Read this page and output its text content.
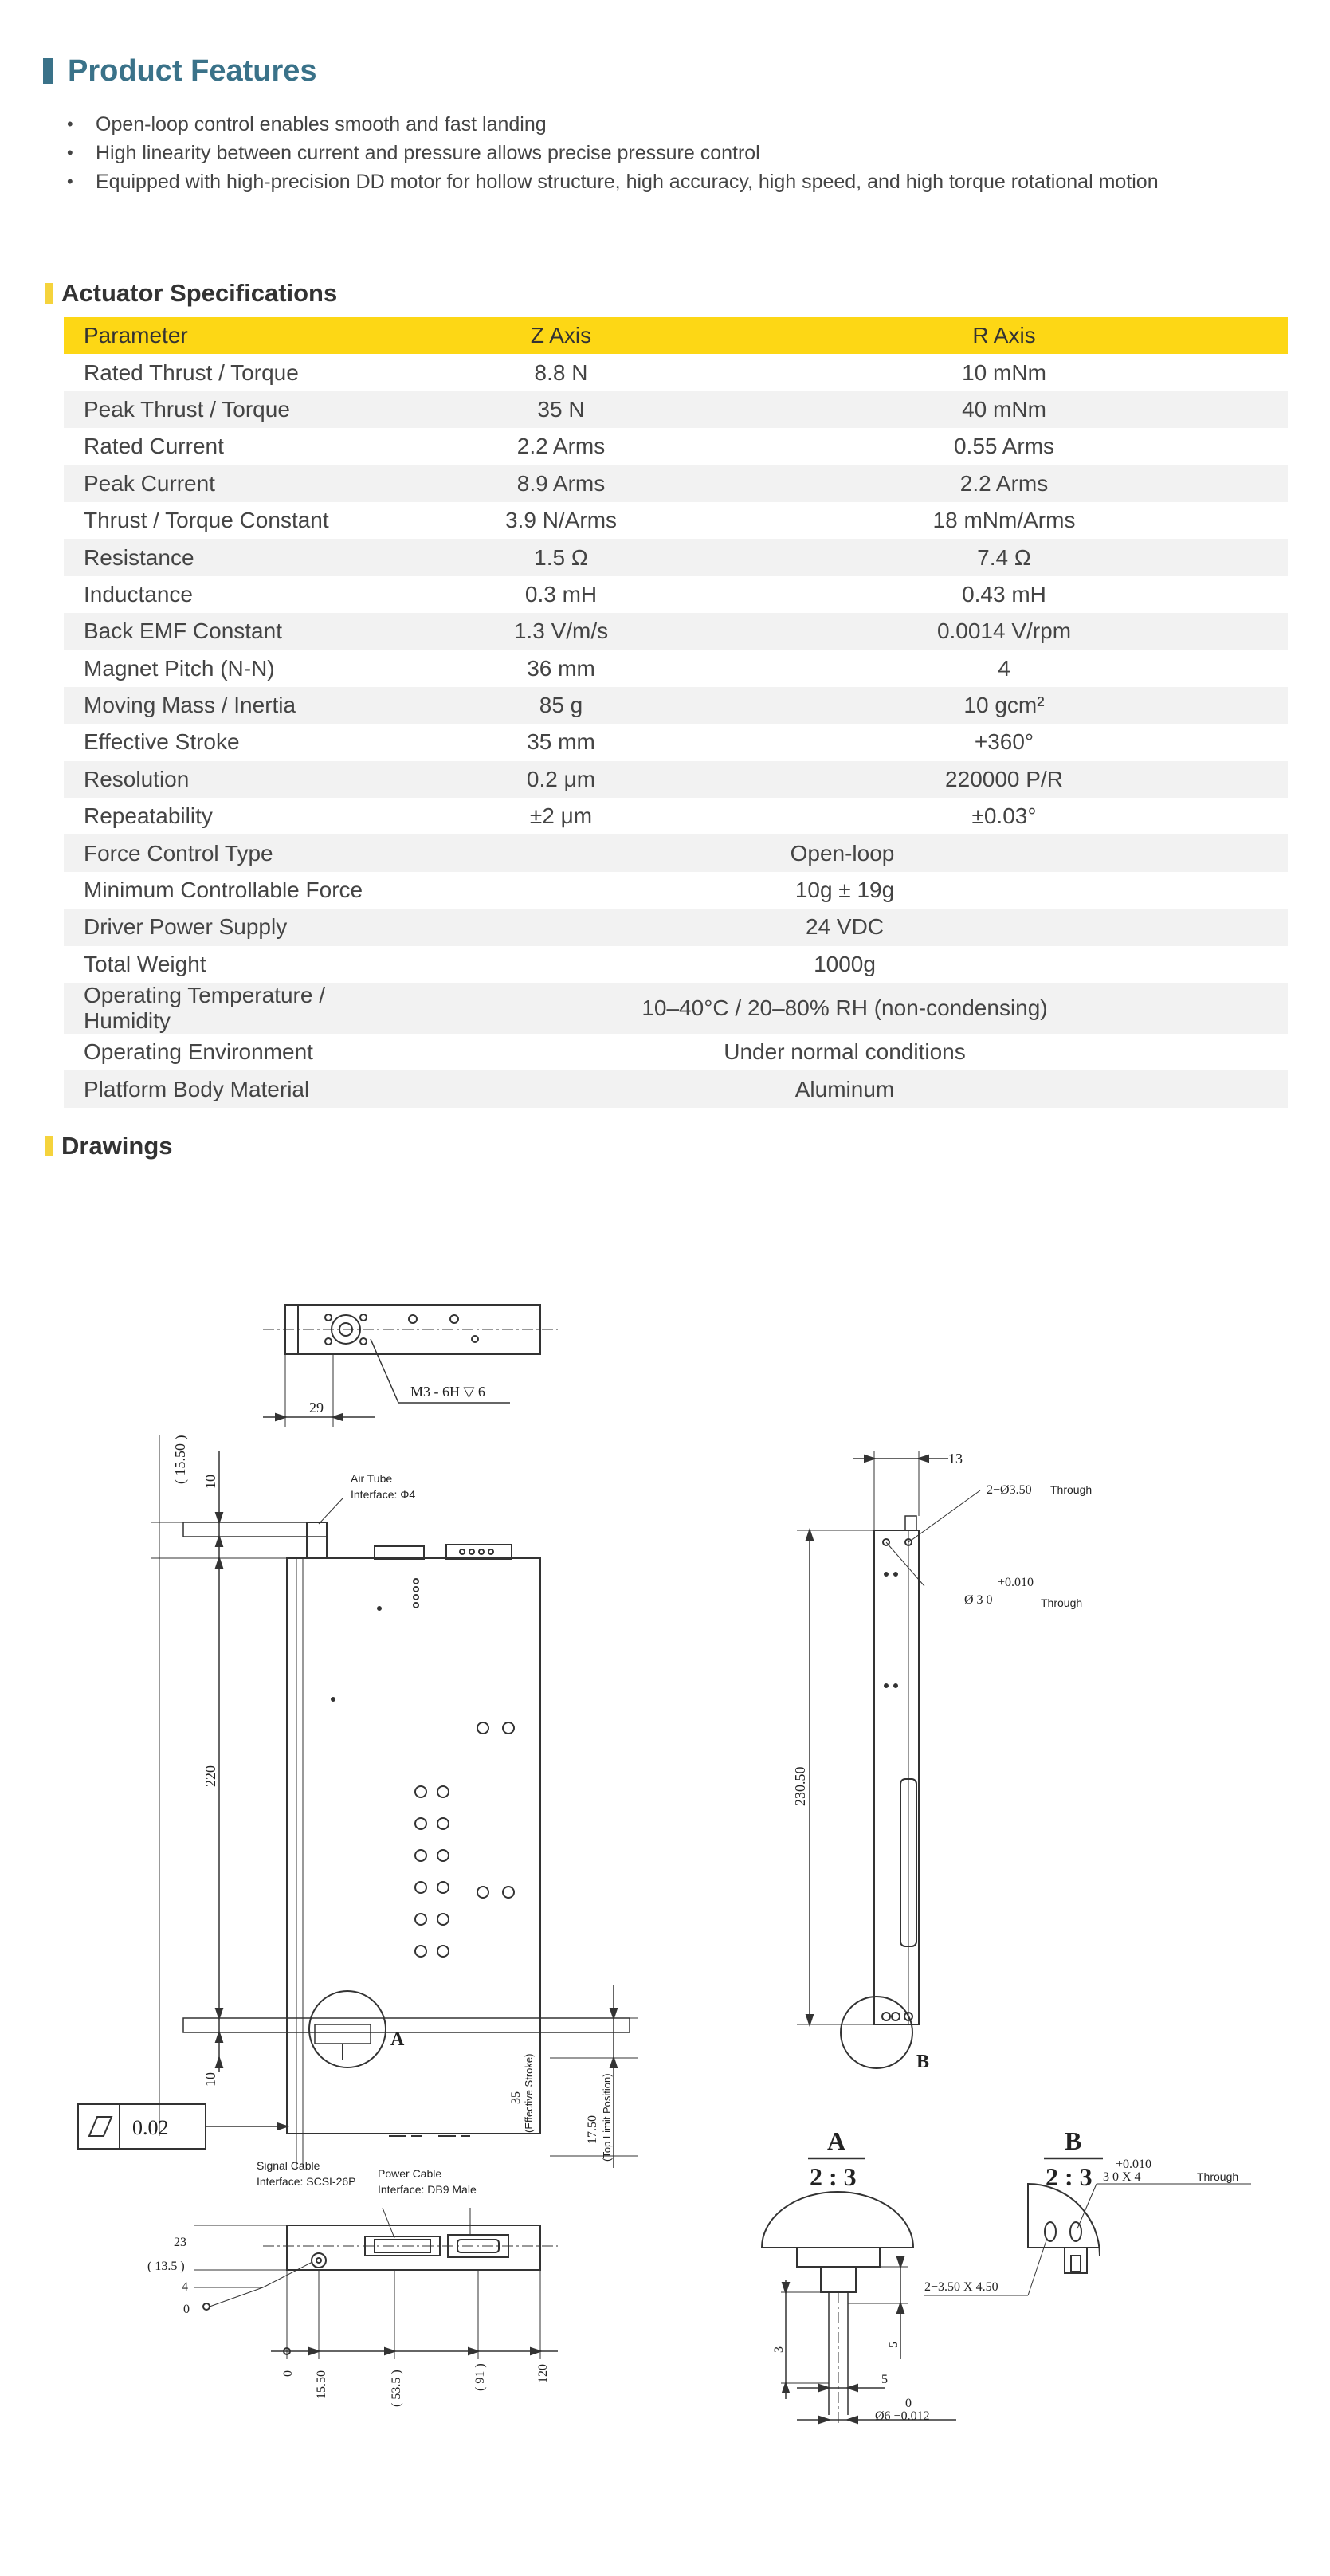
Product Features
• Open-loop control enables smooth and fast landing
• High linearity between current and pressure allows precise pressure control
• Equipped with high-precision DD motor for hollow structure, high accuracy, high speed, and high torque rotational motion
Actuator Specifications
Parameter	Z Axis	R Axis
Rated Thrust / Torque	8.8 N	10 mNm
Peak Thrust / Torque	35 N	40 mNm
Rated Current	2.2 Arms	0.55 Arms
Peak Current	8.9 Arms	2.2 Arms
Thrust / Torque Constant	3.9 N/Arms	18 mNm/Arms
Resistance	1.5 Ω	7.4 Ω
Inductance	0.3 mH	0.43 mH
Back EMF Constant	1.3 V/m/s	0.0014 V/rpm
Magnet Pitch (N-N)	36 mm	4
Moving Mass / Inertia	85 g	10 gcm²
Effective Stroke	35 mm	+360°
Resolution	0.2 μm	220000 P/R
Repeatability	±2 μm	±0.03°
Force Control Type	Open-loop	
Minimum Controllable Force	10g ± 19g	
Driver Power Supply	24 VDC	
Total Weight	1000g	
Operating Temperature / Humidity	10–40°C / 20–80% RH (non-condensing)	
Operating Environment	Under normal conditions	
Platform Body Material	Aluminum	
Drawings
29
M3 - 6H ▽ 6
A
( 15.50 ) 10
220
10
Air Tube
Interface: Φ4
0.02
35 (Effective Stroke)	17.50 (Top Limit Position)
Signal Cable
Interface: SCSI-26P
Power Cable
Interface: DB9 Male
23
( 13.5 )
4
0
0 15.50	( 53.5 )	( 91 )	120
B
13
2−Ø3.50 Through
+0.010
Ø 3 0	Through
230.50
A
2 : 3
3
5
5
0
Ø6 −0.012
B
2 : 3 +0.010
3 0 X 4	Through
2−3.50 X 4.50
